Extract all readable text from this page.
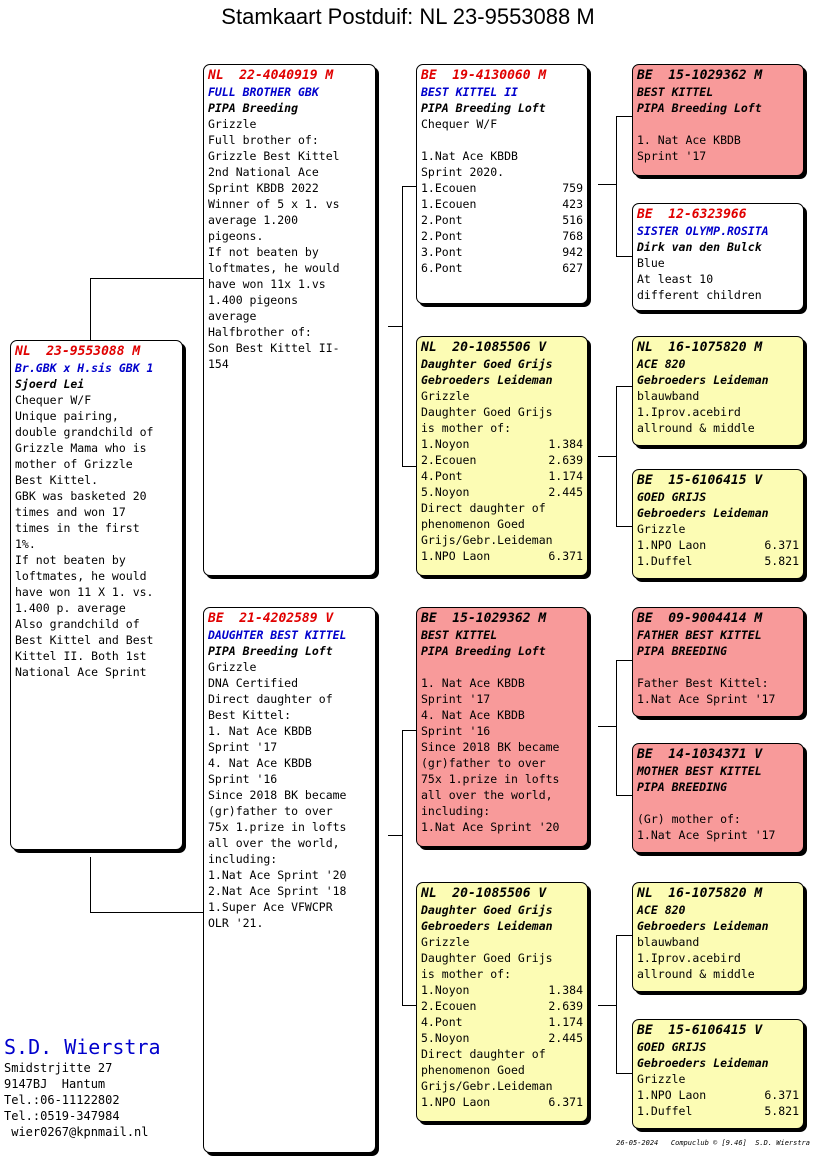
Stamkaart Postduif: NL 23-9553088 M
NL  23-9553088 M
Br.GBK x H.sis GBK 1
Sjoerd Lei
Chequer W/F
Unique pairing,
double grandchild of
Grizzle Mama who is
mother of Grizzle
Best Kittel.
GBK was basketed 20
times and won 17
times in the first
1%.
If not beaten by
loftmates, he would
have won 11 X 1. vs.
1.400 p. average
Also grandchild of
Best Kittel and Best
Kittel II. Both 1st
National Ace Sprint
NL  22-4040919 M
FULL BROTHER GBK
PIPA Breeding
Grizzle
Full brother of:
Grizzle Best Kittel
2nd National Ace
Sprint KBDB 2022
Winner of 5 x 1. vs
average 1.200
pigeons.
If not beaten by
loftmates, he would
have won 11x 1.vs
1.400 pigeons
average
Halfbrother of:
Son Best Kittel II-
154
BE  21-4202589 V
DAUGHTER BEST KITTEL
PIPA Breeding Loft
Grizzle
DNA Certified
Direct daughter of
Best Kittel:
1. Nat Ace KBDB
Sprint '17
4. Nat Ace KBDB
Sprint '16
Since 2018 BK became
(gr)father to over
75x 1.prize in lofts
all over the world,
including:
1.Nat Ace Sprint '20
2.Nat Ace Sprint '18
1.Super Ace VFWCPR
OLR '21.
BE  19-4130060 M
BEST KITTEL II
PIPA Breeding Loft
Chequer W/F

1.Nat Ace KBDB
Sprint 2020.
1.Ecouen	759
1.Ecouen	423
2.Pont	516
2.Pont	768
3.Pont	942
6.Pont	627
NL  20-1085506 V
Daughter Goed Grijs
Gebroeders Leideman
Grizzle
Daughter Goed Grijs
is mother of:
1.Noyon	1.384
2.Ecouen	2.639
4.Pont	1.174
5.Noyon	2.445
Direct daughter of
phenomenon Goed
Grijs/Gebr.Leideman
1.NPO Laon	6.371
BE  15-1029362 M
BEST KITTEL
PIPA Breeding Loft

1. Nat Ace KBDB
Sprint '17
4. Nat Ace KBDB
Sprint '16
Since 2018 BK became
(gr)father to over
75x 1.prize in lofts
all over the world,
including:
1.Nat Ace Sprint '20
NL  20-1085506 V
Daughter Goed Grijs
Gebroeders Leideman
Grizzle
Daughter Goed Grijs
is mother of:
1.Noyon	1.384
2.Ecouen	2.639
4.Pont	1.174
5.Noyon	2.445
Direct daughter of
phenomenon Goed
Grijs/Gebr.Leideman
1.NPO Laon	6.371
BE  15-1029362 M
BEST KITTEL
PIPA Breeding Loft

1. Nat Ace KBDB
Sprint '17
BE  12-6323966
SISTER OLYMP.ROSITA
Dirk van den Bulck
Blue
At least 10
different children
NL  16-1075820 M
ACE 820
Gebroeders Leideman
blauwband
1.Iprov.acebird
allround & middle
BE  15-6106415 V
GOED GRIJS
Gebroeders Leideman
Grizzle
1.NPO Laon	6.371
1.Duffel	5.821
BE  09-9004414 M
FATHER BEST KITTEL
PIPA BREEDING

Father Best Kittel:
1.Nat Ace Sprint '17
BE  14-1034371 V
MOTHER BEST KITTEL
PIPA BREEDING

(Gr) mother of:
1.Nat Ace Sprint '17
NL  16-1075820 M
ACE 820
Gebroeders Leideman
blauwband
1.Iprov.acebird
allround & middle
BE  15-6106415 V
GOED GRIJS
Gebroeders Leideman
Grizzle
1.NPO Laon	6.371
1.Duffel	5.821
S.D. Wierstra
Smidstrjitte 27
9147BJ  Hantum
Tel.:06-11122802
Tel.:0519-347984
wier0267@kpnmail.nl
26-05-2024   Compuclub © [9.46]  S.D. Wierstra
